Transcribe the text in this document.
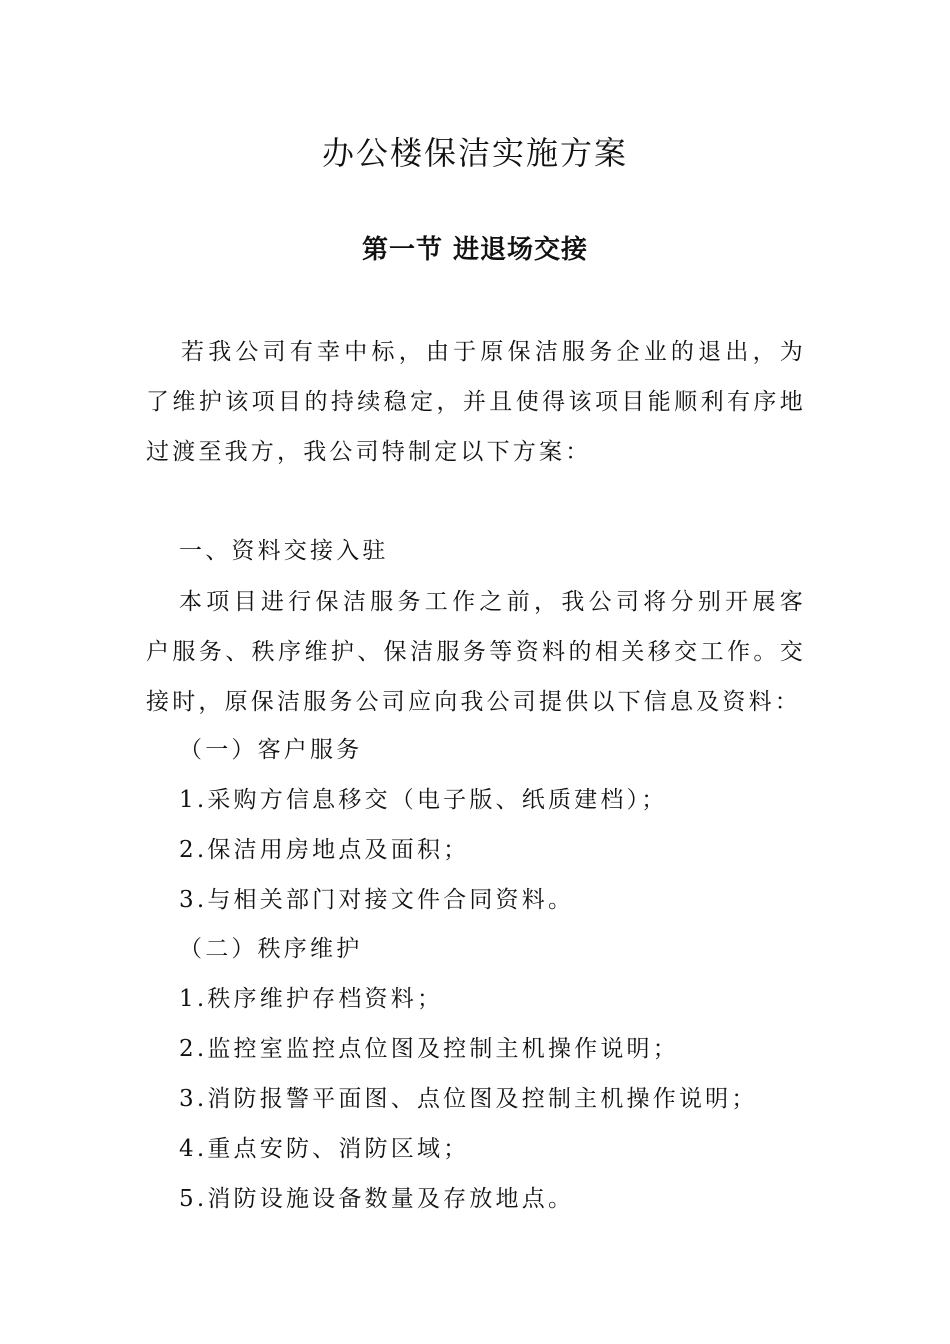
办公楼保洁实施方案
第一节 进退场交接

若我公司有幸中标，由于原保洁服务企业的退出，为了维护该项目的持续稳定，并且使得该项目能顺利有序地过渡至我方，我公司特制定以下方案：

一、资料交接入驻

本项目进行保洁服务工作之前，我公司将分别开展客户服务、秩序维护、保洁服务等资料的相关移交工作。交接时，原保洁服务公司应向我公司提供以下信息及资料：

（一）客户服务

1.采购方信息移交（电子版、纸质建档）；

2.保洁用房地点及面积；

3.与相关部门对接文件合同资料。

（二）秩序维护

1.秩序维护存档资料；

2.监控室监控点位图及控制主机操作说明；

3.消防报警平面图、点位图及控制主机操作说明；

4.重点安防、消防区域；

5.消防设施设备数量及存放地点。
